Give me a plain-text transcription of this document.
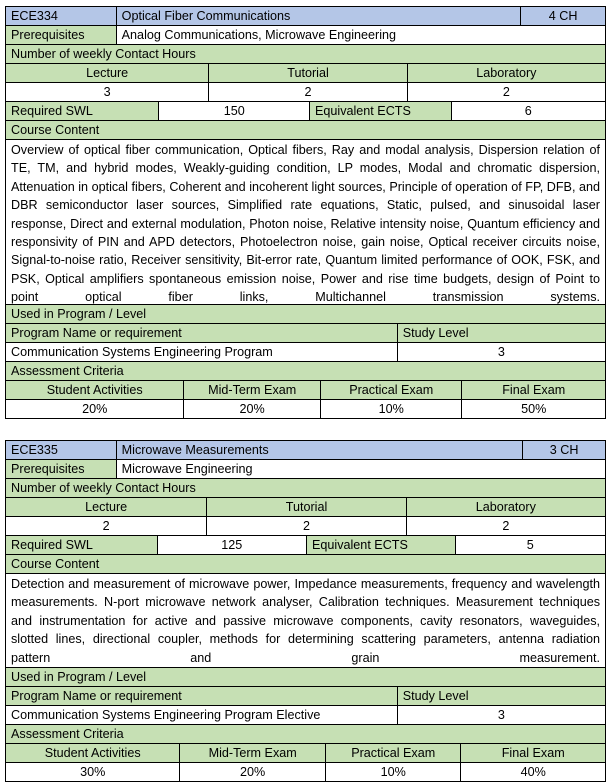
ECE334	Optical Fiber Communications	4 CH
Prerequisites	Analog Communications, Microwave Engineering
Number of weekly Contact Hours
Lecture	Tutorial	Laboratory
3	2	2
Required SWL	150	Equivalent ECTS	6
Course Content
Overview of optical fiber communication, Optical fibers, Ray and modal analysis, Dispersion relation of TE, TM, and hybrid modes, Weakly-guiding condition, LP modes, Modal and chromatic dispersion, Attenuation in optical fibers, Coherent and incoherent light sources, Principle of operation of FP, DFB, and DBR semiconductor laser sources, Simplified rate equations, Static, pulsed, and sinusoidal laser response, Direct and external modulation, Photon noise, Relative intensity noise, Quantum efficiency and responsivity of PIN and APD detectors, Photoelectron noise, gain noise, Optical receiver circuits noise, Signal-to-noise ratio, Receiver sensitivity, Bit-error rate, Quantum limited performance of OOK, FSK, and PSK, Optical amplifiers spontaneous emission noise, Power and rise time budgets, design of Point to point optical fiber links, Multichannel transmission systems.
Used in Program / Level
Program Name or requirement	Study Level
Communication Systems Engineering Program	3
Assessment Criteria
Student Activities	Mid-Term Exam	Practical Exam	Final Exam
20%	20%	10%	50%
ECE335	Microwave Measurements	3 CH
Prerequisites	Microwave Engineering
Number of weekly Contact Hours
Lecture	Tutorial	Laboratory
2	2	2
Required SWL	125	Equivalent ECTS	5
Course Content
Detection and measurement of microwave power, Impedance measurements, frequency and wavelength measurements. N-port microwave network analyser, Calibration techniques. Measurement techniques and instrumentation for active and passive microwave components, cavity resonators, waveguides, slotted lines, directional coupler, methods for determining scattering parameters, antenna radiation pattern and grain measurement.
Used in Program / Level
Program Name or requirement	Study Level
Communication Systems Engineering Program Elective	3
Assessment Criteria
Student Activities	Mid-Term Exam	Practical Exam	Final Exam
30%	20%	10%	40%
